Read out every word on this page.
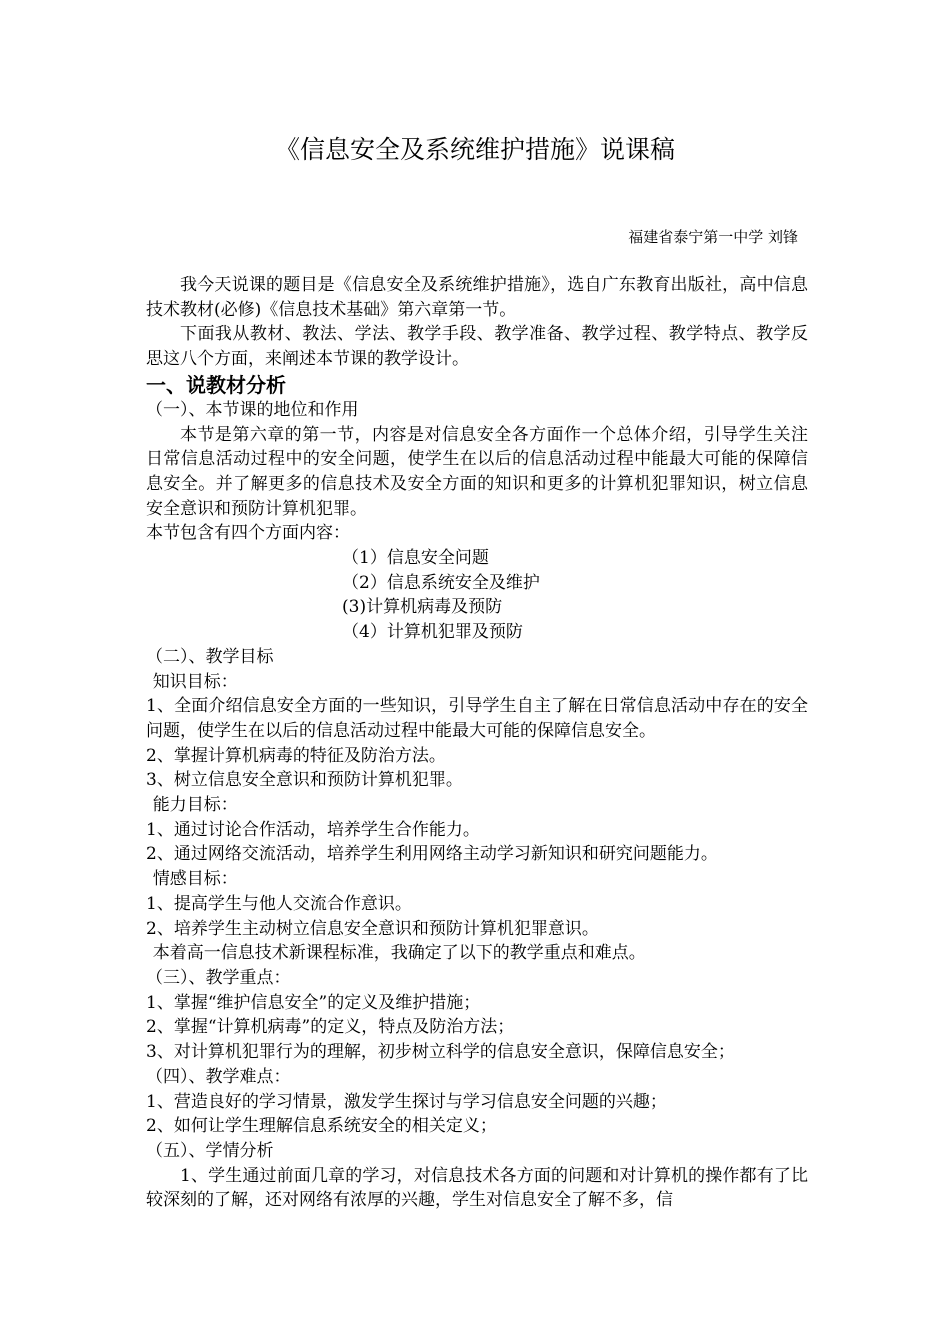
《信息安全及系统维护措施》说课稿
福建省泰宁第一中学 刘锋

我今天说课的题目是《信息安全及系统维护措施》，选自广东教育出版社，高中信息技术教材(必修)《信息技术基础》第六章第一节。

下面我从教材、教法、学法、教学手段、教学准备、教学过程、教学特点、教学反思这八个方面，来阐述本节课的教学设计。

一、说教材分析

（一）、本节课的地位和作用

本节是第六章的第一节，内容是对信息安全各方面作一个总体介绍，引导学生关注日常信息活动过程中的安全问题，使学生在以后的信息活动过程中能最大可能的保障信息安全。并了解更多的信息技术及安全方面的知识和更多的计算机犯罪知识，树立信息安全意识和预防计算机犯罪。

本节包含有四个方面内容：

（1）信息安全问题

（2）信息系统安全及维护

(3)计算机病毒及预防

（4）计算机犯罪及预防

（二）、教学目标

知识目标：

1、全面介绍信息安全方面的一些知识，引导学生自主了解在日常信息活动中存在的安全问题，使学生在以后的信息活动过程中能最大可能的保障信息安全。

2、掌握计算机病毒的特征及防治方法。

3、树立信息安全意识和预防计算机犯罪。

能力目标：

1、通过讨论合作活动，培养学生合作能力。

2、通过网络交流活动，培养学生利用网络主动学习新知识和研究问题能力。

情感目标：

1、提高学生与他人交流合作意识。

2、培养学生主动树立信息安全意识和预防计算机犯罪意识。

本着高一信息技术新课程标准，我确定了以下的教学重点和难点。

（三）、教学重点：

1、掌握“维护信息安全”的定义及维护措施；

2、掌握“计算机病毒”的定义，特点及防治方法；

3、对计算机犯罪行为的理解，初步树立科学的信息安全意识，保障信息安全；

（四）、教学难点：

1、营造良好的学习情景，激发学生探讨与学习信息安全问题的兴趣；

2、如何让学生理解信息系统安全的相关定义；

（五）、学情分析

1、学生通过前面几章的学习，对信息技术各方面的问题和对计算机的操作都有了比较深刻的了解，还对网络有浓厚的兴趣，学生对信息安全了解不多，信
